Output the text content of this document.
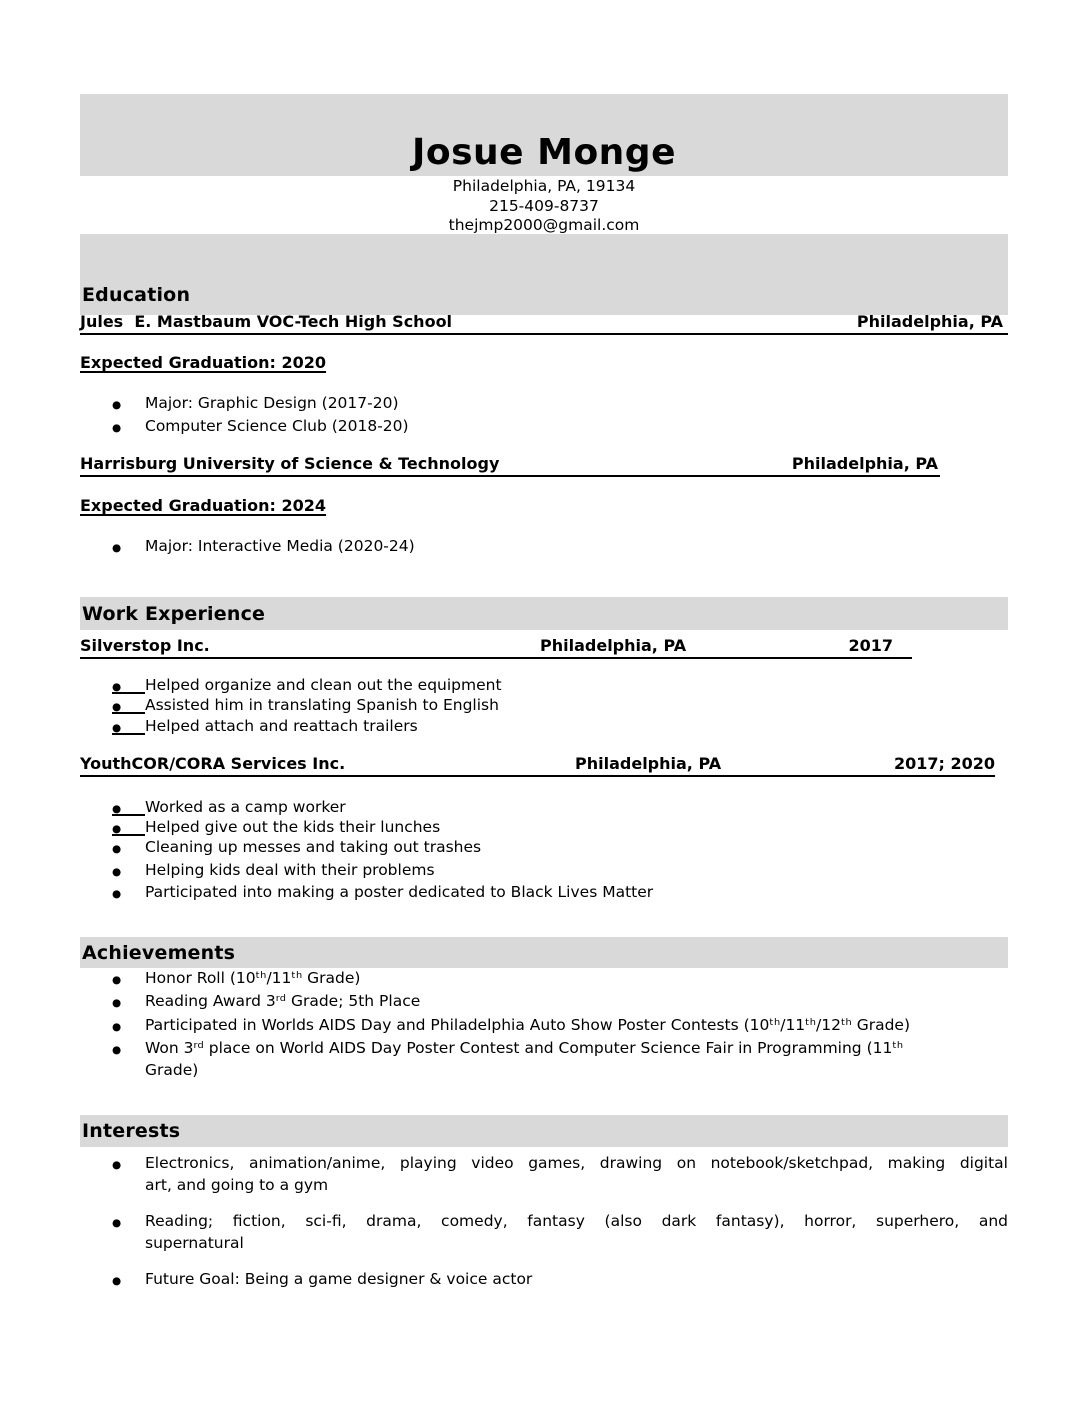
Josue Monge
Philadelphia, PA, 19134
215-409-8737
thejmp2000@gmail.com
Education
Jules  E. Mastbaum VOC-Tech High School	Philadelphia, PA
Expected Graduation: 2020
●
Major: Graphic Design (2017-20)
●
Computer Science Club (2018-20)
Harrisburg University of Science & Technology	Philadelphia, PA
Expected Graduation: 2024
●
Major: Interactive Media (2020-24)
Work Experience
Silverstop Inc.	Philadelphia, PA	2017
●
Helped organize and clean out the equipment
●
Assisted him in translating Spanish to English
●
Helped attach and reattach trailers
YouthCOR/CORA Services Inc.	Philadelphia, PA	2017; 2020
●
Worked as a camp worker
●
Helped give out the kids their lunches
●
Cleaning up messes and taking out trashes
●
Helping kids deal with their problems
●
Participated into making a poster dedicated to Black Lives Matter
Achievements
●
Honor Roll (10ᵗʰ/11ᵗʰ Grade)
●
Reading Award 3ʳᵈ Grade; 5th Place
●
Participated in Worlds AIDS Day and Philadelphia Auto Show Poster Contests (10ᵗʰ/11ᵗʰ/12ᵗʰ Grade)
●
Won 3ʳᵈ place on World AIDS Day Poster Contest and Computer Science Fair in Programming (11ᵗʰ
Grade)
Interests
●
Electronics, animation/anime, playing video games, drawing on notebook/sketchpad, making digital
art, and going to a gym
●
Reading; fiction, sci-fi, drama, comedy, fantasy (also dark fantasy), horror, superhero, and
supernatural
●
Future Goal: Being a game designer & voice actor
